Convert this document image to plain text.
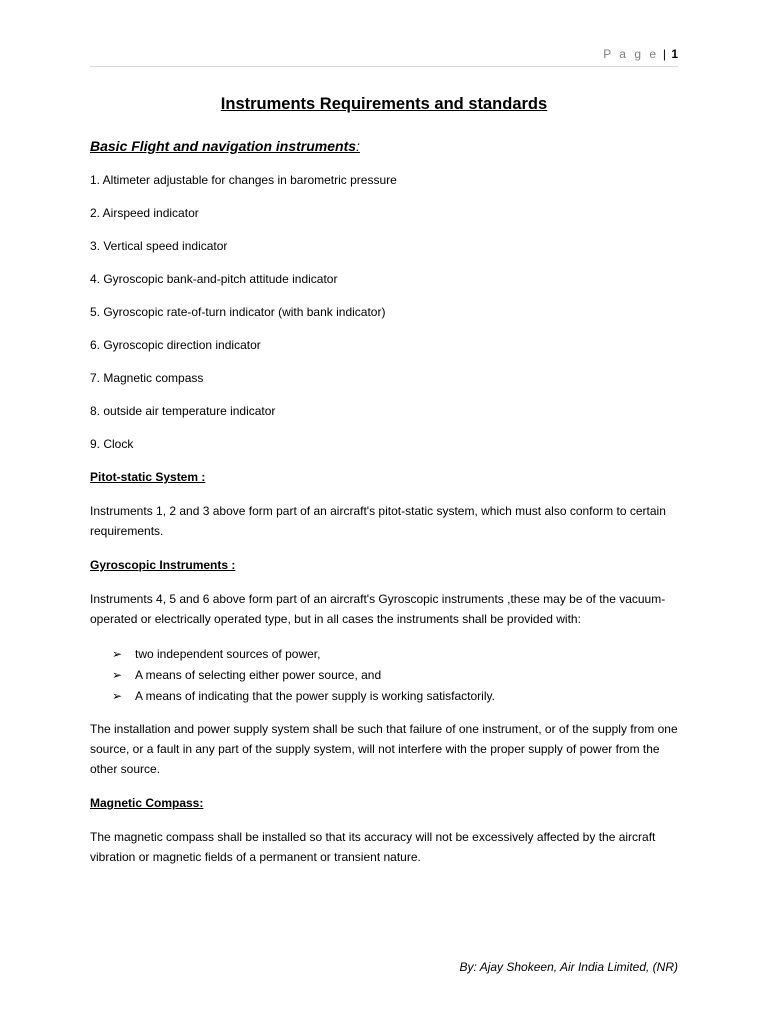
P a g e | 1
Instruments Requirements and standards
Basic Flight and navigation instruments:
1. Altimeter adjustable for changes in barometric pressure
2. Airspeed indicator
3. Vertical speed indicator
4. Gyroscopic bank-and-pitch attitude indicator
5. Gyroscopic rate-of-turn indicator (with bank indicator)
6. Gyroscopic direction indicator
7. Magnetic compass
8. outside air temperature indicator
9. Clock
Pitot-static System :

Instruments 1, 2 and 3 above form part of an aircraft's pitot-static system, which must also conform to certain requirements.

Gyroscopic Instruments :

Instruments 4, 5 and 6 above form part of an aircraft's Gyroscopic instruments ,these may be of the vacuum-operated or electrically operated type, but in all cases the instruments shall be provided with:

➢ two independent sources of power,
➢ A means of selecting either power source, and
➢ A means of indicating that the power supply is working satisfactorily.

The installation and power supply system shall be such that failure of one instrument, or of the supply from one source, or a fault in any part of the supply system, will not interfere with the proper supply of power from the other source.

Magnetic Compass:

The magnetic compass shall be installed so that its accuracy will not be excessively affected by the aircraft vibration or magnetic fields of a permanent or transient nature.

By: Ajay Shokeen, Air India Limited, (NR)
